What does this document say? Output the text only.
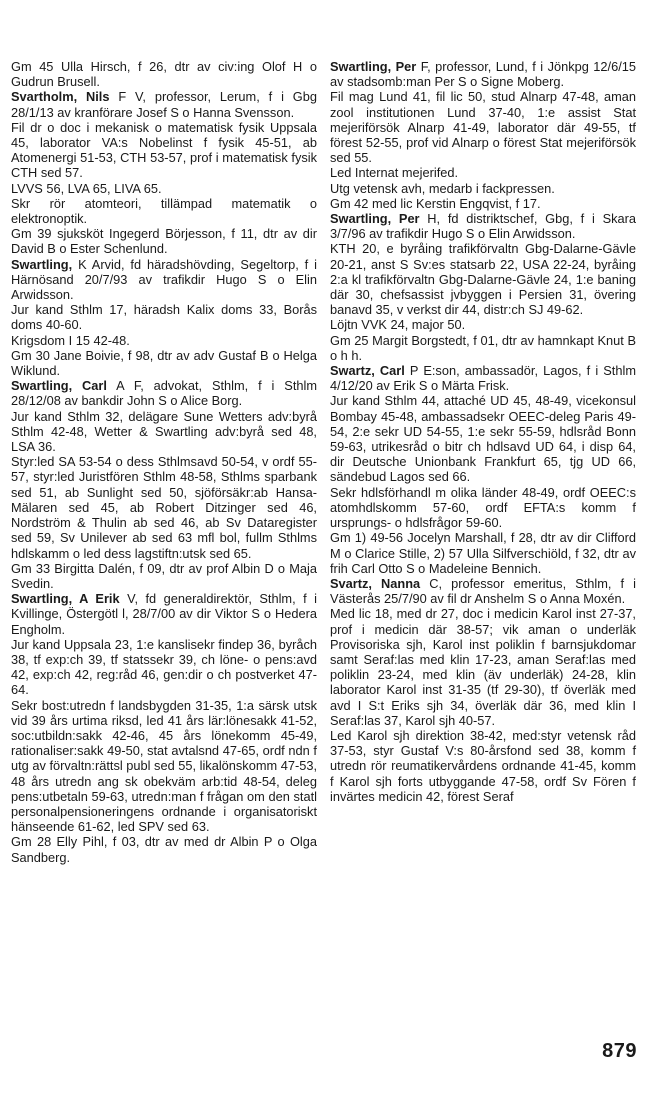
Gm 45 Ulla Hirsch, f 26, dtr av civ:ing Olof H o Gudrun Brusell.

Svartholm, Nils F V, professor, Lerum, f i Gbg 28/1/13 av kranförare Josef S o Hanna Svensson.

Fil dr o doc i mekanisk o matematisk fysik Uppsala 45, laborator VA:s Nobelinst f fysik 45-51, ab Atomenergi 51-53, CTH 53-57, prof i matematisk fysik CTH sed 57.

LVVS 56, LVA 65, LIVA 65.

Skr rör atomteori, tillämpad matematik o elektronoptik.

Gm 39 sjuksköt Ingegerd Börjesson, f 11, dtr av dir David B o Ester Schenlund.

Swartling, K Arvid, fd häradshövding, Segeltorp, f i Härnösand 20/7/93 av trafikdir Hugo S o Elin Arwidsson.

Jur kand Sthlm 17, häradsh Kalix doms 33, Borås doms 40-60.

Krigsdom I 15 42-48.

Gm 30 Jane Boivie, f 98, dtr av adv Gustaf B o Helga Wiklund.

Swartling, Carl A F, advokat, Sthlm, f i Sthlm 28/12/08 av bankdir John S o Alice Borg.

Jur kand Sthlm 32, delägare Sune Wetters adv:byrå Sthlm 42-48, Wetter & Swartling adv:byrå sed 48, LSA 36.

Styr:led SA 53-54 o dess Sthlmsavd 50-54, v ordf 55-57, styr:led Juristfören Sthlm 48-58, Sthlms sparbank sed 51, ab Sunlight sed 50, sjöförsäkr:ab Hansa-Mälaren sed 45, ab Robert Ditzinger sed 46, Nordström & Thulin ab sed 46, ab Sv Dataregister sed 59, Sv Unilever ab sed 63 mfl bol, fullm Sthlms hdlskamm o led dess lagstiftn:utsk sed 65.

Gm 33 Birgitta Dalén, f 09, dtr av prof Albin D o Maja Svedin.

Swartling, A Erik V, fd generaldirektör, Sthlm, f i Kvillinge, Östergötl l, 28/7/00 av dir Viktor S o Hedera Engholm.

Jur kand Uppsala 23, 1:e kanslisekr findep 36, byråch 38, tf exp:ch 39, tf statssekr 39, ch löne- o pens:avd 42, exp:ch 42, reg:råd 46, gen:dir o ch postverket 47-64.

Sekr bost:utredn f landsbygden 31-35, 1:a särsk utsk vid 39 års urtima riksd, led 41 års lär:lönesakk 41-52, soc:utbildn:sakk 42-46, 45 års lönekomm 45-49, rationaliser:sakk 49-50, stat avtalsnd 47-65, ordf ndn f utg av förvaltn:rättsl publ sed 55, likalönskomm 47-53, 48 års utredn ang sk obekväm arb:tid 48-54, deleg pens:utbetaln 59-63, utredn:man f frågan om den statl personalpensioneringens ordnande i organisatoriskt hänseende 61-62, led SPV sed 63.

Gm 28 Elly Pihl, f 03, dtr av med dr Albin P o Olga Sandberg.

Swartling, Per F, professor, Lund, f i Jönkpg 12/6/15 av stadsomb:man Per S o Signe Moberg.

Fil mag Lund 41, fil lic 50, stud Alnarp 47-48, aman zool institutionen Lund 37-40, 1:e assist Stat mejeriförsök Alnarp 41-49, laborator där 49-55, tf förest 52-55, prof vid Alnarp o förest Stat mejeriförsök sed 55.

Led Internat mejerifed.

Utg vetensk avh, medarb i fackpressen.

Gm 42 med lic Kerstin Engqvist, f 17.

Swartling, Per H, fd distriktschef, Gbg, f i Skara 3/7/96 av trafikdir Hugo S o Elin Arwidsson.

KTH 20, e byråing trafikförvaltn Gbg-Dalarne-Gävle 20-21, anst S Sv:es statsarb 22, USA 22-24, byråing 2:a kl trafikförvaltn Gbg-Dalarne-Gävle 24, 1:e baning där 30, chefsassist jvbyggen i Persien 31, övering banavd 35, v verkst dir 44, distr:ch SJ 49-62.

Löjtn VVK 24, major 50.

Gm 25 Margit Borgstedt, f 01, dtr av hamnkapt Knut B o h h.

Swartz, Carl P E:son, ambassadör, Lagos, f i Sthlm 4/12/20 av Erik S o Märta Frisk.

Jur kand Sthlm 44, attaché UD 45, 48-49, vicekonsul Bombay 45-48, ambassadsekr OEEC-deleg Paris 49-54, 2:e sekr UD 54-55, 1:e sekr 55-59, hdlsråd Bonn 59-63, utrikesråd o bitr ch hdlsavd UD 64, i disp 64, dir Deutsche Unionbank Frankfurt 65, tjg UD 66, sändebud Lagos sed 66.

Sekr hdlsförhandl m olika länder 48-49, ordf OEEC:s atomhdlskomm 57-60, ordf EFTA:s komm f ursprungs- o hdlsfrågor 59-60.

Gm 1) 49-56 Jocelyn Marshall, f 28, dtr av dir Clifford M o Clarice Stille, 2) 57 Ulla Silfverschiöld, f 32, dtr av frih Carl Otto S o Madeleine Bennich.

Svartz, Nanna C, professor emeritus, Sthlm, f i Västerås 25/7/90 av fil dr Anshelm S o Anna Moxén.

Med lic 18, med dr 27, doc i medicin Karol inst 27-37, prof i medicin där 38-57; vik aman o underläk Provisoriska sjh, Karol inst poliklin f barnsjukdomar samt Seraf:las med klin 17-23, aman Seraf:las med poliklin 23-24, med klin (äv underläk) 24-28, klin laborator Karol inst 31-35 (tf 29-30), tf överläk med avd I S:t Eriks sjh 34, överläk där 36, med klin I Seraf:las 37, Karol sjh 40-57.

Led Karol sjh direktion 38-42, med:styr vetensk råd 37-53, styr Gustaf V:s 80-årsfond sed 38, komm f utredn rör reumatikervårdens ordnande 41-45, komm f Karol sjh forts utbyggande 47-58, ordf Sv Fören f invärtes medicin 42, förest Seraf

879
